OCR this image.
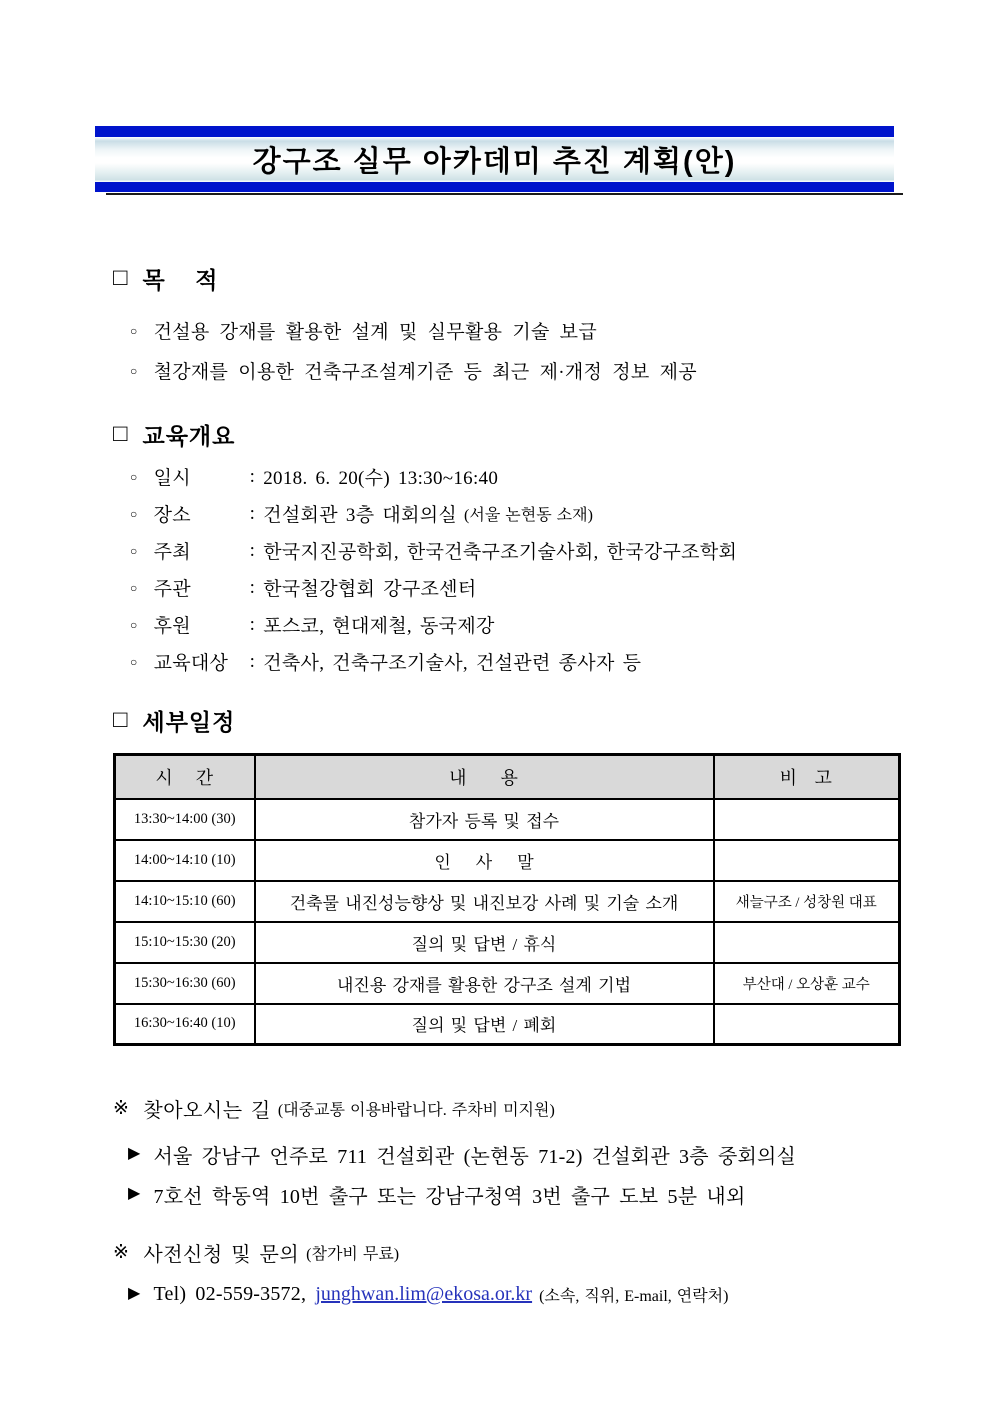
강구조 실무 아카데미 추진 계획(안)
□ 목    적
○ 건설용 강재를 활용한 설계 및 실무활용 기술 보급
○ 철강재를 이용한 건축구조설계기준 등 최근 제·개정 정보 제공
□ 교육개요
○ 일시	: 2018. 6. 20(수) 13:30~16:40
○ 장소	: 건설회관 3층 대회의실 (서울 논현동 소재)
○ 주최	: 한국지진공학회, 한국건축구조기술사회, 한국강구조학회
○ 주관	: 한국철강협회 강구조센터
○ 후원	: 포스코, 현대제철, 동국제강
○ 교육대상 : 건축사, 건축구조기술사, 건설관련 종사자 등
□ 세부일정
시    간	내      용	비   고
13:30~14:00 (30)	참가자 등록 및 접수	
14:00~14:10 (10)	인    사    말	
14:10~15:10 (60)	건축물 내진성능향상 및 내진보강 사례 및 기술 소개	새늘구조 / 성창원 대표
15:10~15:30 (20)	질의 및 답변 / 휴식	
15:30~16:30 (60)	내진용 강재를 활용한 강구조 설계 기법	부산대 / 오상훈 교수
16:30~16:40 (10)	질의 및 답변 / 폐회	
※ 찾아오시는 길 (대중교통 이용바랍니다. 주차비 미지원)
▶ 서울 강남구 언주로 711 건설회관 (논현동 71-2) 건설회관 3층 중회의실
▶ 7호선 학동역 10번 출구 또는 강남구청역 3번 출구 도보 5분 내외
※ 사전신청 및 문의 (참가비 무료)
▶ Tel) 02-559-3572, junghwan.lim@ekosa.or.kr (소속, 직위, E-mail, 연락처)
